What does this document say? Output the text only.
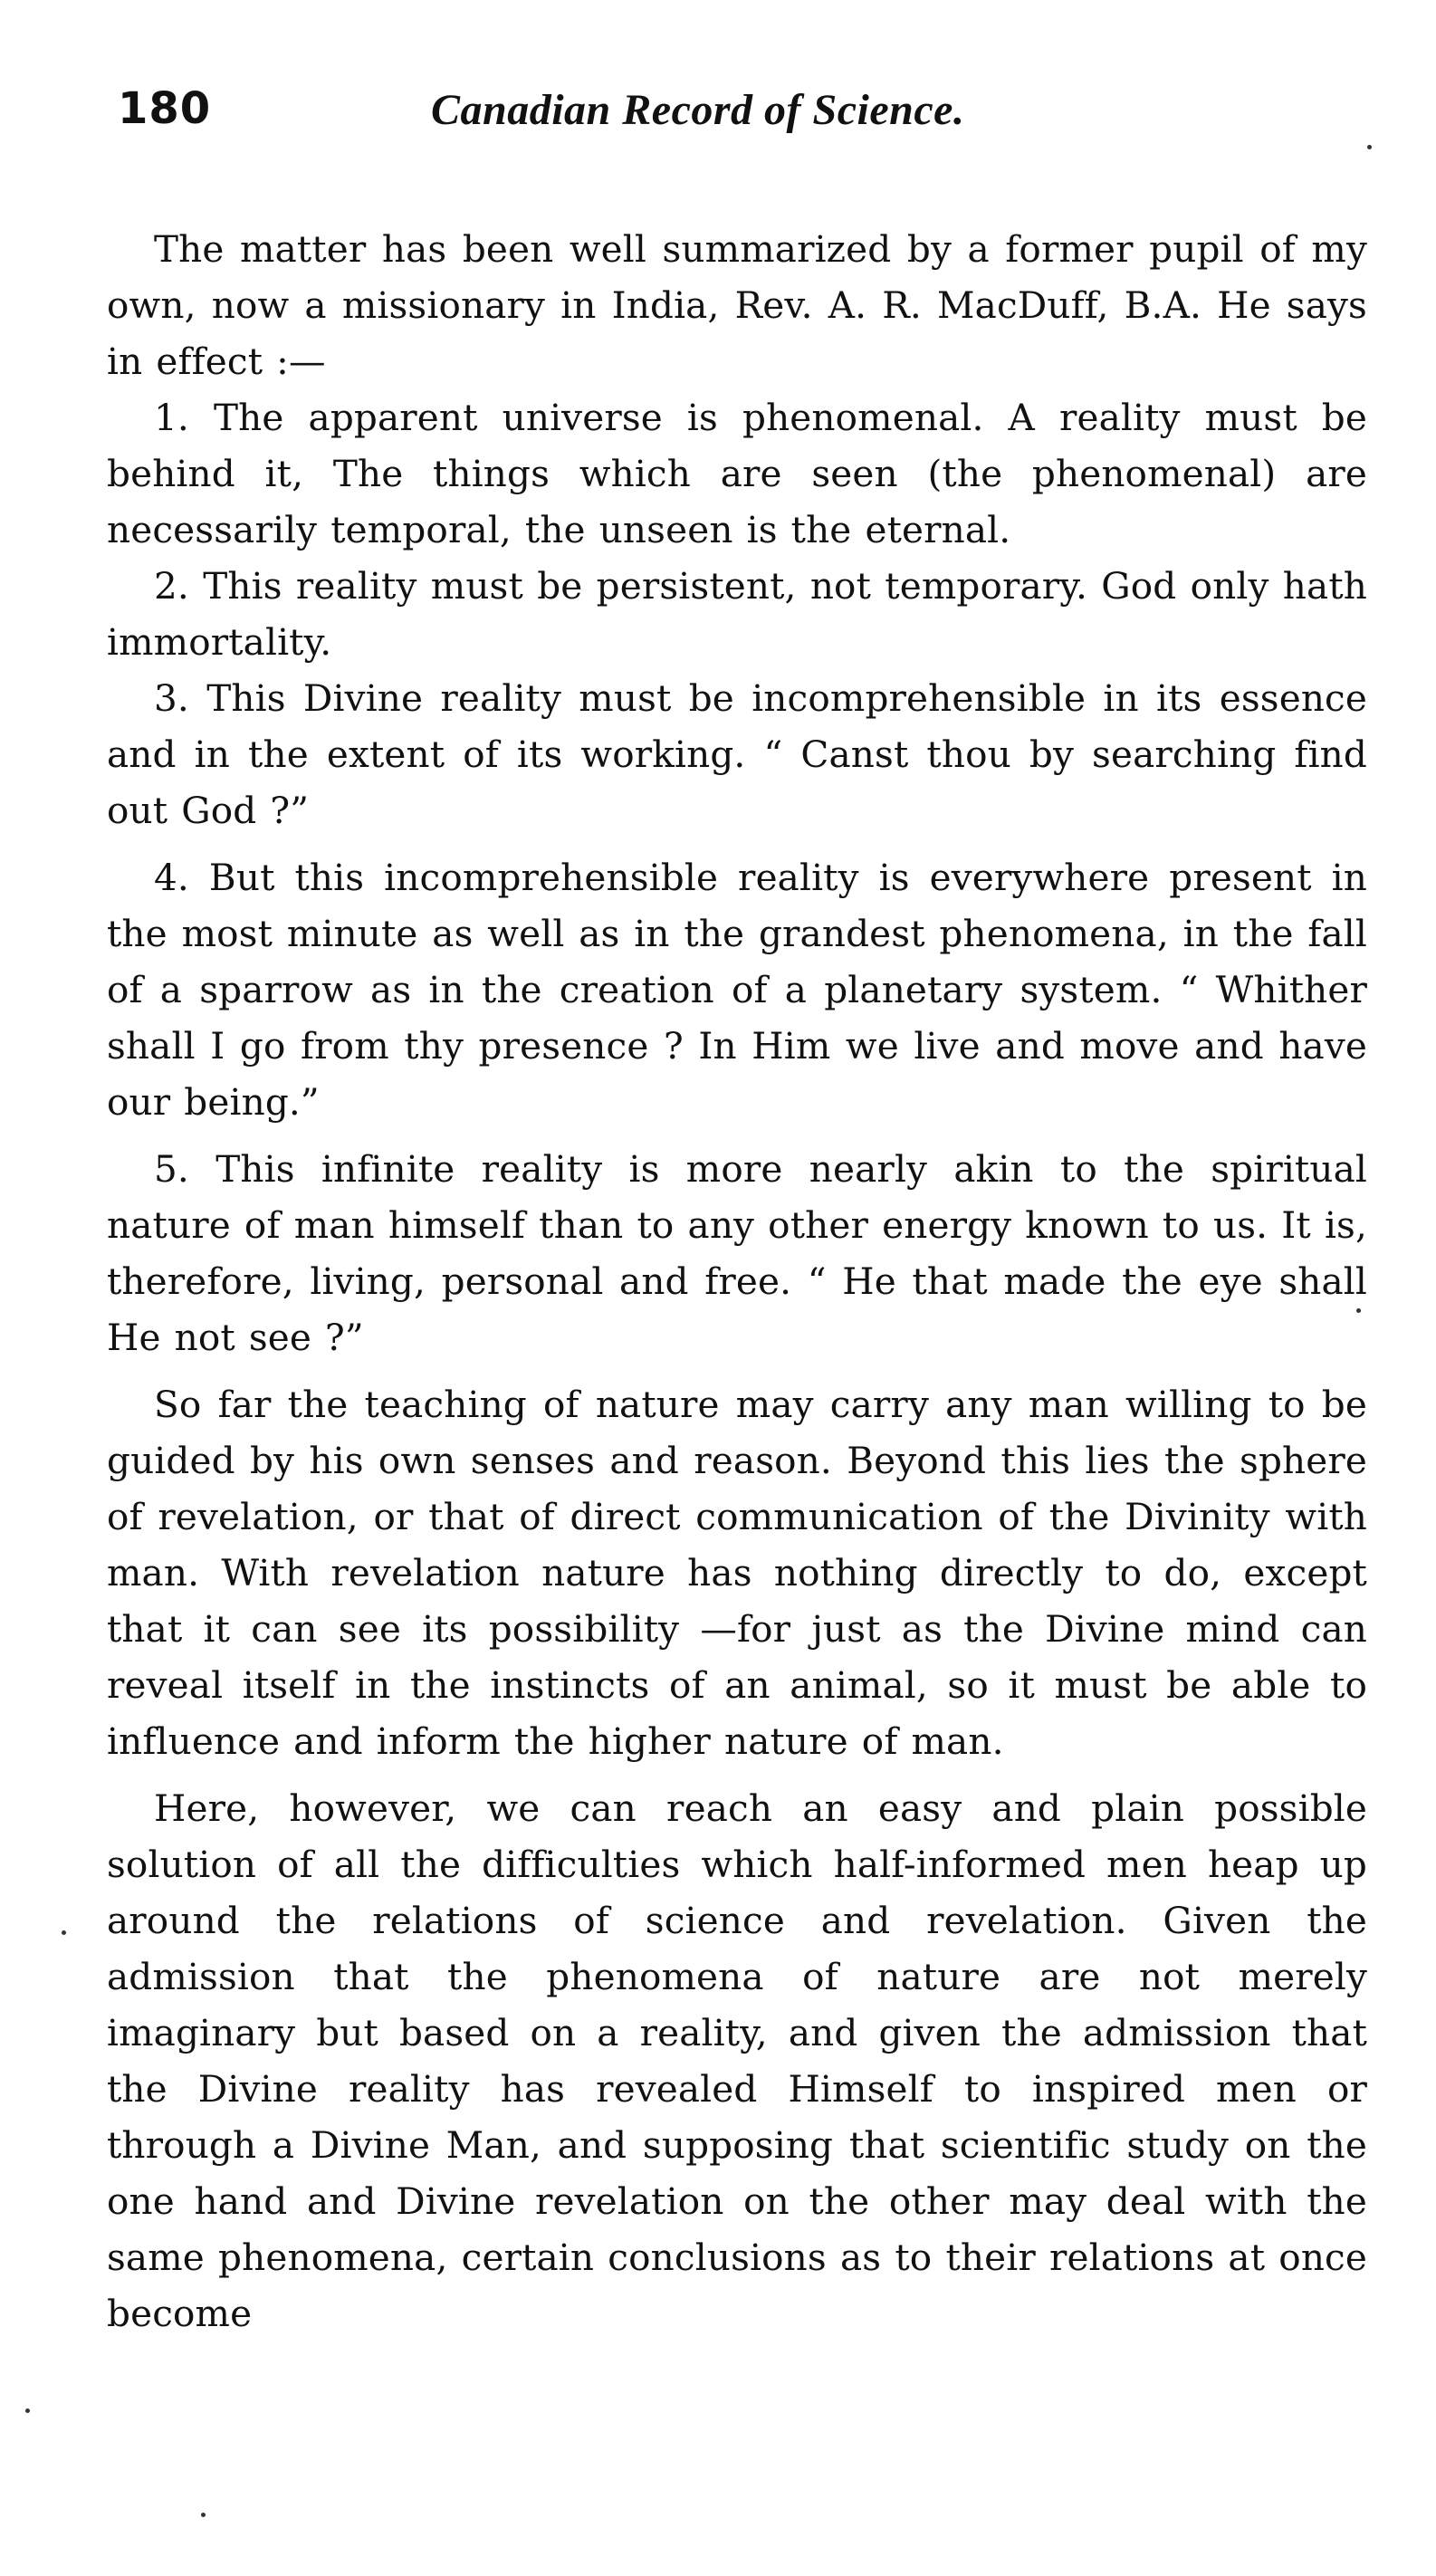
180	Canadian Record of Science.

The matter has been well summarized by a former pupil of my own, now a missionary in India, Rev. A. R. MacDuff, B.A. He says in effect :—

1. The apparent universe is phenomenal. A reality must be behind it, The things which are seen (the phenomenal) are necessarily temporal, the unseen is the eternal.

2. This reality must be persistent, not temporary. God only hath immortality.

3. This Divine reality must be incomprehensible in its essence and in the extent of its working. “ Canst thou by searching find out God ?”

4. But this incomprehensible reality is everywhere present in the most minute as well as in the grandest phenomena, in the fall of a sparrow as in the creation of a planetary system. “ Whither shall I go from thy presence ? In Him we live and move and have our being.”

5. This infinite reality is more nearly akin to the spiritual nature of man himself than to any other energy known to us. It is, therefore, living, personal and free. “ He that made the eye shall He not see ?”

So far the teaching of nature may carry any man willing to be guided by his own senses and reason. Beyond this lies the sphere of revelation, or that of direct communication of the Divinity with man. With revelation nature has nothing directly to do, except that it can see its possibility —for just as the Divine mind can reveal itself in the instincts of an animal, so it must be able to influence and inform the higher nature of man.

Here, however, we can reach an easy and plain possible solution of all the difficulties which half-informed men heap up around the relations of science and revelation. Given the admission that the phenomena of nature are not merely imaginary but based on a reality, and given the admission that the Divine reality has revealed Himself to inspired men or through a Divine Man, and supposing that scientific study on the one hand and Divine revelation on the other may deal with the same phenomena, certain conclusions as to their relations at once become
